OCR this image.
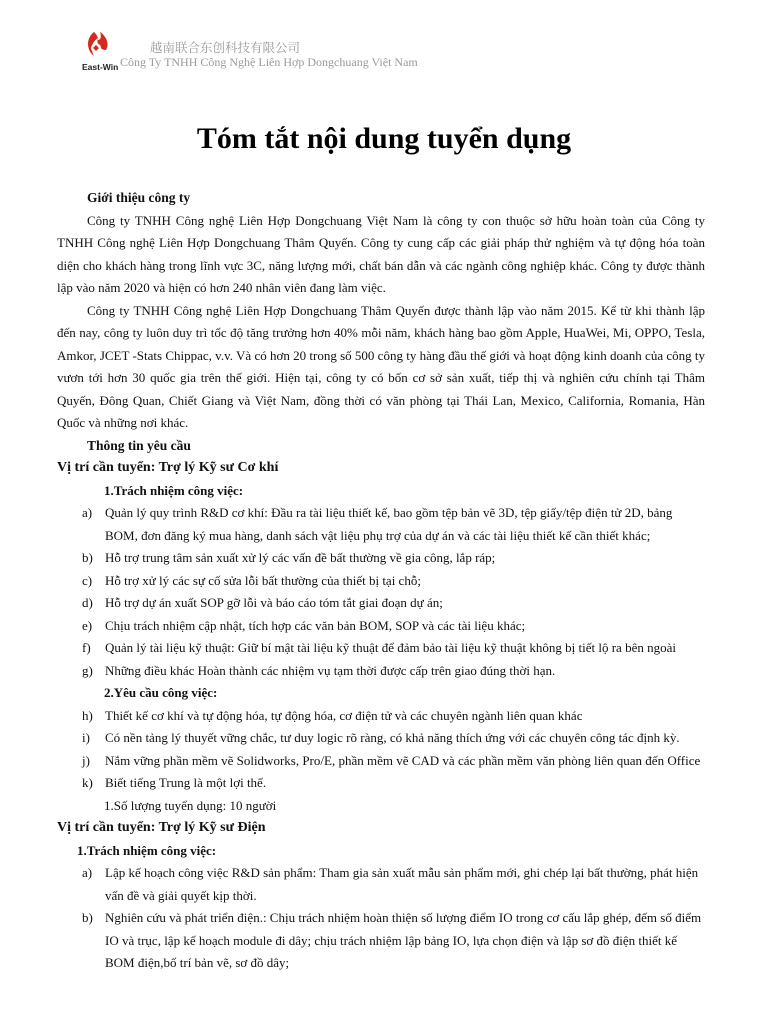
East-Win
越南联合东创科技有限公司
Công Ty TNHH Công Nghệ Liên Hợp Dongchuang Việt Nam
Tóm tắt nội dung tuyển dụng

Giới thiệu công ty

Công ty TNHH Công nghệ Liên Hợp Dongchuang Việt Nam là công ty con thuộc sở hữu hoàn toàn của Công ty TNHH Công nghệ Liên Hợp Dongchuang Thâm Quyến. Công ty cung cấp các giải pháp thử nghiệm và tự động hóa toàn diện cho khách hàng trong lĩnh vực 3C, năng lượng mới, chất bán dẫn và các ngành công nghiệp khác. Công ty được thành lập vào năm 2020 và hiện có hơn 240 nhân viên đang làm việc.

Công ty TNHH Công nghệ Liên Hợp Dongchuang Thâm Quyến được thành lập vào năm 2015. Kể từ khi thành lập đến nay, công ty luôn duy trì tốc độ tăng trưởng hơn 40% mỗi năm, khách hàng bao gồm Apple, HuaWei, Mi, OPPO, Tesla, Amkor, JCET -Stats Chippac, v.v. Và có hơn 20 trong số 500 công ty hàng đầu thế giới và hoạt động kinh doanh của công ty vươn tới hơn 30 quốc gia trên thế giới. Hiện tại, công ty có bốn cơ sở sản xuất, tiếp thị và nghiên cứu chính tại Thâm Quyến, Đông Quan, Chiết Giang và Việt Nam, đồng thời có văn phòng tại Thái Lan, Mexico, California, Romania, Hàn Quốc và những nơi khác.

Thông tin yêu cầu

Vị trí cần tuyển: Trợ lý Kỹ sư Cơ khí

1.Trách nhiệm công việc:

a) Quản lý quy trình R&D cơ khí: Đầu ra tài liệu thiết kế, bao gồm tệp bản vẽ 3D, tệp giấy/tệp điện tử 2D, bảng BOM, đơn đăng ký mua hàng, danh sách vật liệu phụ trợ của dự án và các tài liệu thiết kế cần thiết khác;
b) Hỗ trợ trung tâm sản xuất xử lý các vấn đề bất thường về gia công, lắp ráp;
c) Hỗ trợ xử lý các sự cố sửa lỗi bất thường của thiết bị tại chỗ;
d) Hỗ trợ dự án xuất SOP gỡ lỗi và báo cáo tóm tắt giai đoạn dự án;
e) Chịu trách nhiệm cập nhật, tích hợp các văn bản BOM, SOP và các tài liệu khác;
f) Quản lý tài liệu kỹ thuật: Giữ bí mật tài liệu kỹ thuật để đảm bảo tài liệu kỹ thuật không bị tiết lộ ra bên ngoài
g) Những điều khác Hoàn thành các nhiệm vụ tạm thời được cấp trên giao đúng thời hạn.

2.Yêu cầu công việc:

h) Thiết kế cơ khí và tự động hóa, tự động hóa, cơ điện tử và các chuyên ngành liên quan khác
i) Có nền tảng lý thuyết vững chắc, tư duy logic rõ ràng, có khả năng thích ứng với các chuyên công tác định kỳ.
j) Nắm vững phần mềm vẽ Solidworks, Pro/E, phần mềm vẽ CAD và các phần mềm văn phòng liên quan đến Office
k) Biết tiếng Trung là một lợi thế.

1.Số lượng tuyển dụng: 10 người

Vị trí cần tuyển: Trợ lý Kỹ sư Điện

1.Trách nhiệm công việc:

a) Lập kế hoạch công việc R&D sản phẩm: Tham gia sản xuất mẫu sản phẩm mới, ghi chép lại bất thường, phát hiện vấn đề và giải quyết kịp thời.
b) Nghiên cứu và phát triển điện.: Chịu trách nhiệm hoàn thiện số lượng điểm IO trong cơ cấu lắp ghép, đếm số điểm IO và trục, lập kế hoạch module đi dây; chịu trách nhiệm lập bảng IO, lựa chọn điện và lập sơ đồ điện thiết kế BOM điện,bố trí bản vẽ, sơ đồ dây;
